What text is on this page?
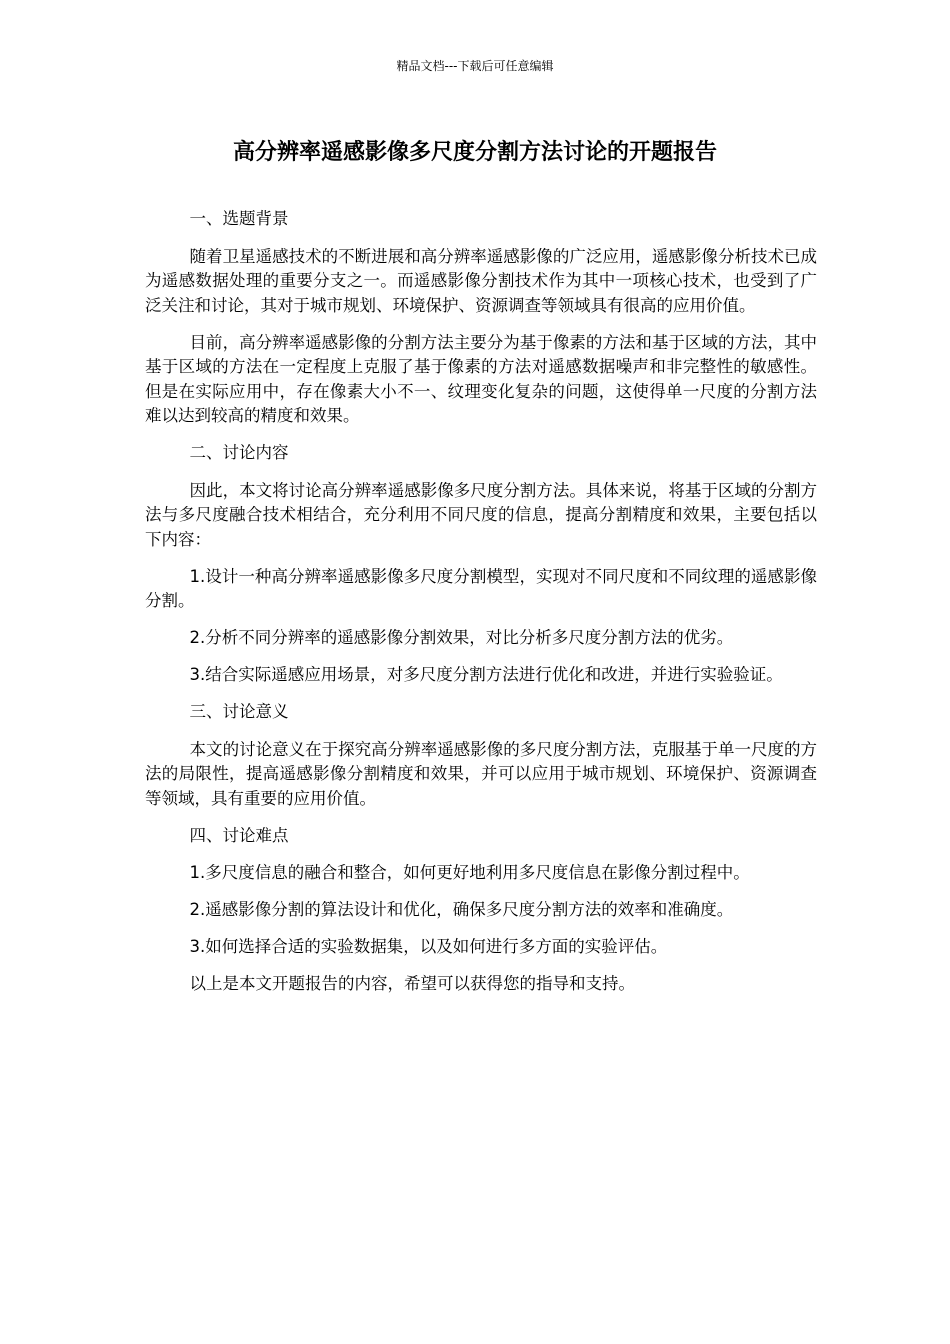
精品文档---下载后可任意编辑
高分辨率遥感影像多尺度分割方法讨论的开题报告

一、选题背景

随着卫星遥感技术的不断进展和高分辨率遥感影像的广泛应用，遥感影像分析技术已成为遥感数据处理的重要分支之一。而遥感影像分割技术作为其中一项核心技术，也受到了广泛关注和讨论，其对于城市规划、环境保护、资源调查等领域具有很高的应用价值。

目前，高分辨率遥感影像的分割方法主要分为基于像素的方法和基于区域的方法，其中基于区域的方法在一定程度上克服了基于像素的方法对遥感数据噪声和非完整性的敏感性。但是在实际应用中，存在像素大小不一、纹理变化复杂的问题，这使得单一尺度的分割方法难以达到较高的精度和效果。

二、讨论内容

因此，本文将讨论高分辨率遥感影像多尺度分割方法。具体来说，将基于区域的分割方法与多尺度融合技术相结合，充分利用不同尺度的信息，提高分割精度和效果，主要包括以下内容：

1.设计一种高分辨率遥感影像多尺度分割模型，实现对不同尺度和不同纹理的遥感影像分割。

2.分析不同分辨率的遥感影像分割效果，对比分析多尺度分割方法的优劣。

3.结合实际遥感应用场景，对多尺度分割方法进行优化和改进，并进行实验验证。

三、讨论意义

本文的讨论意义在于探究高分辨率遥感影像的多尺度分割方法，克服基于单一尺度的方法的局限性，提高遥感影像分割精度和效果，并可以应用于城市规划、环境保护、资源调查等领域，具有重要的应用价值。

四、讨论难点

1.多尺度信息的融合和整合，如何更好地利用多尺度信息在影像分割过程中。

2.遥感影像分割的算法设计和优化，确保多尺度分割方法的效率和准确度。

3.如何选择合适的实验数据集，以及如何进行多方面的实验评估。

以上是本文开题报告的内容，希望可以获得您的指导和支持。
